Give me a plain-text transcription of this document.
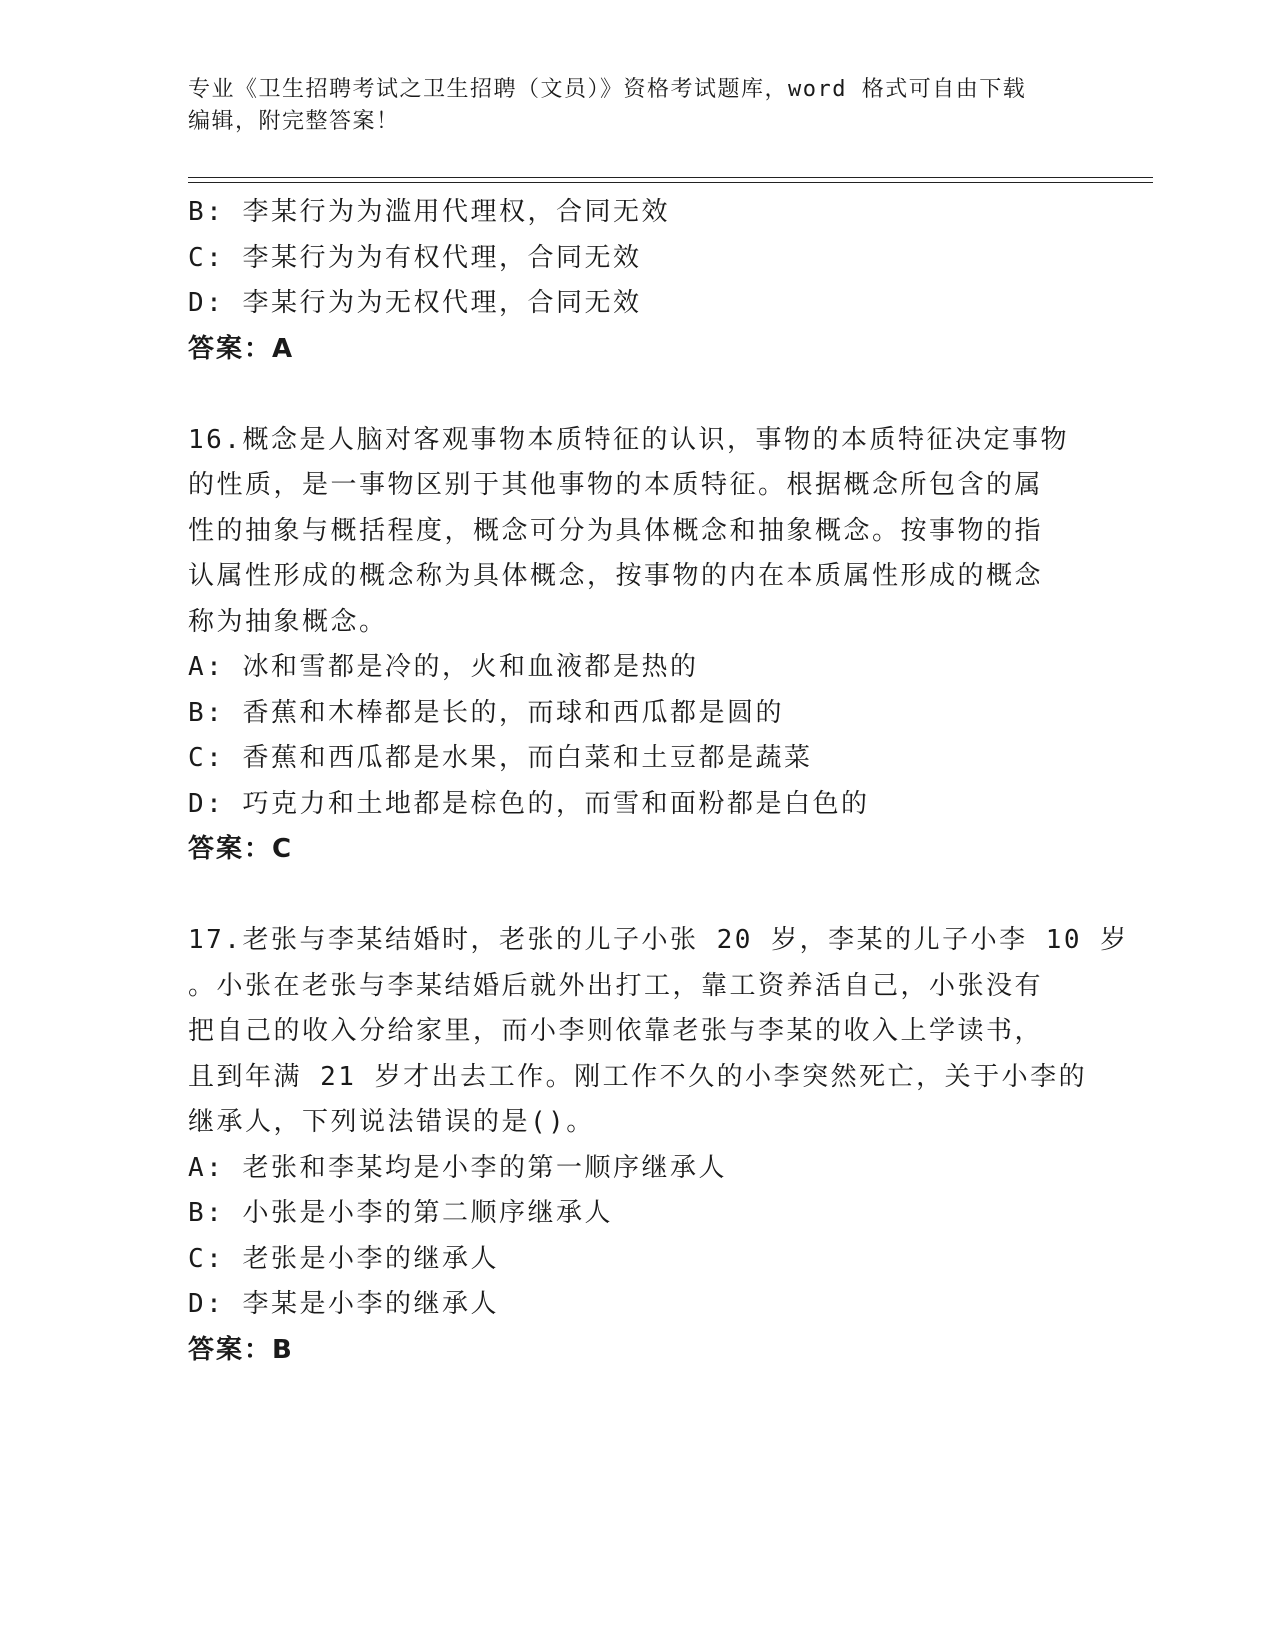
专业《卫生招聘考试之卫生招聘（文员）》资格考试题库，word 格式可自由下载
编辑，附完整答案！
B: 李某行为为滥用代理权，合同无效
C: 李某行为为有权代理，合同无效
D: 李某行为为无权代理，合同无效
答案：A
16.概念是人脑对客观事物本质特征的认识，事物的本质特征决定事物
的性质，是一事物区别于其他事物的本质特征。根据概念所包含的属
性的抽象与概括程度，概念可分为具体概念和抽象概念。按事物的指
认属性形成的概念称为具体概念，按事物的内在本质属性形成的概念
称为抽象概念。
A: 冰和雪都是冷的，火和血液都是热的
B: 香蕉和木棒都是长的，而球和西瓜都是圆的
C: 香蕉和西瓜都是水果，而白菜和土豆都是蔬菜
D: 巧克力和土地都是棕色的，而雪和面粉都是白色的
答案：C
17.老张与李某结婚时，老张的儿子小张 20 岁，李某的儿子小李 10 岁
。小张在老张与李某结婚后就外出打工，靠工资养活自己，小张没有
把自己的收入分给家里，而小李则依靠老张与李某的收入上学读书，
且到年满 21 岁才出去工作。刚工作不久的小李突然死亡，关于小李的
继承人，下列说法错误的是()。
A: 老张和李某均是小李的第一顺序继承人
B: 小张是小李的第二顺序继承人
C: 老张是小李的继承人
D: 李某是小李的继承人
答案：B
